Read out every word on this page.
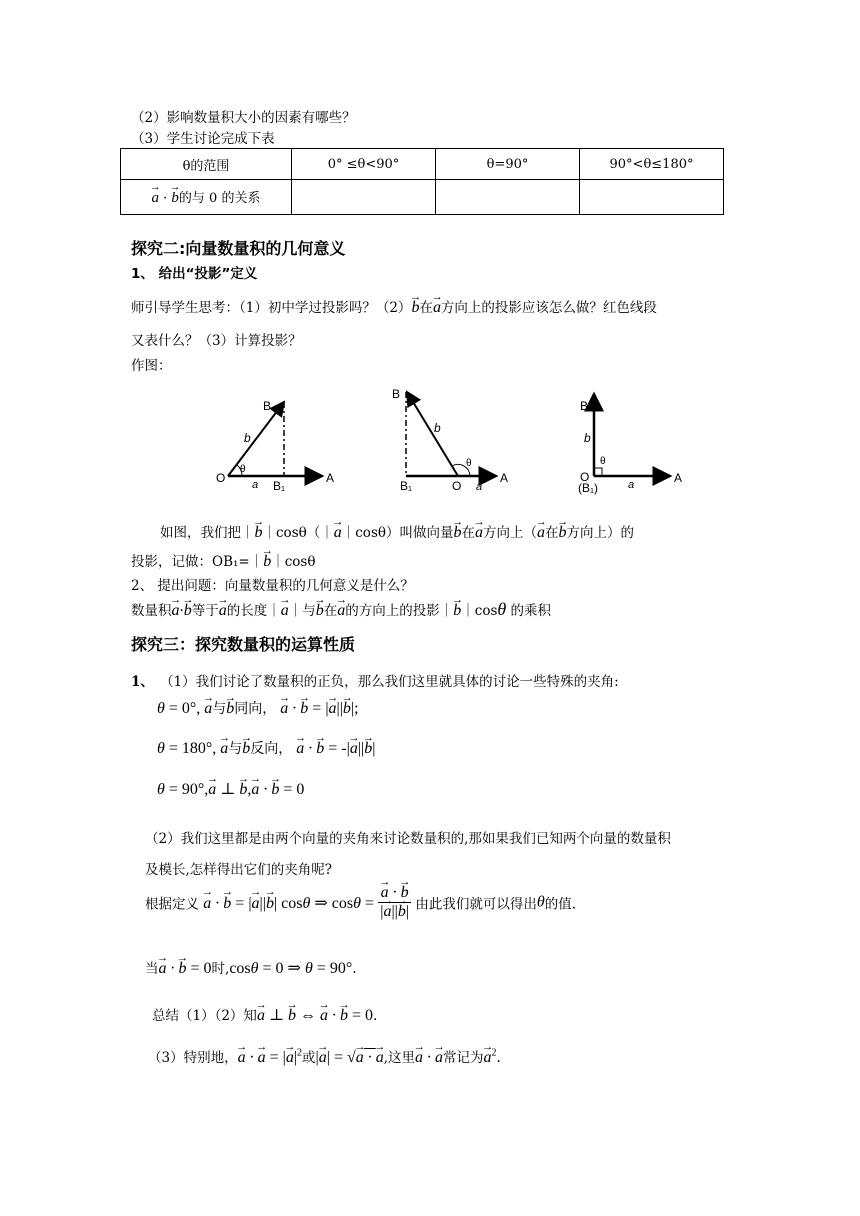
（2）影响数量积大小的因素有哪些？
（3）学生讨论完成下表
θ的范围	0° ≤θ<90°	θ=90°	90°<θ≤180°
→ a · → b的与 0 的关系			
探究二:向量数量积的几何意义
1、 给出“投影”定义
师引导学生思考：（1）初中学过投影吗？（2）→ b在→ a方向上的投影应该怎么做？红色线段
又表什么？（3）计算投影？
作图：
O	A
B
B₁
b
a
θ
B
B₁	O
A
b
a
θ
B
O
(B₁)
A
b
a
θ
如图，我们把｜→ b｜cosθ（｜→ a｜cosθ）叫做向量→ b在→ a方向上（→ a在→ b方向上）的
投影，记做：OB₁=｜→ b｜cosθ
2、 提出问题：向量数量积的几何意义是什么？
数量积→ a·→ b等于→ a的长度｜→ a｜与→ b在→ a的方向上的投影｜→ b｜cosθ 的乘积
探究三：探究数量积的运算性质
1、 （1）我们讨论了数量积的正负，那么我们这里就具体的讨论一些特殊的夹角:
θ = 0°, → a与→ b同向， → a · → b = |→ a||→ b|;
θ = 180°, → a与→ b反向， → a · → b = -|→ a||→ b|
θ = 90°,→ a ⊥ → b,→ a · → b = 0
（2）我们这里都是由两个向量的夹角来讨论数量积的,那如果我们已知两个向量的数量积
及模长,怎样得出它们的夹角呢?
根据定义 → a · → b = |→ a||→ b| cosθ ⇒ cosθ = → $\frac{a \cdot \to b}{|\to a||\to b|}$ 由此我们就可以得出θ的值.
当→ a · → b = 0时,cosθ = 0 ⇒ θ = 90°.
总结（1）（2）知→ a ⊥ → b ⇔ → a · → b = 0.
（3）特别地，→ a · → a = |→ $a|^2$或|→ a| = √→ a · → a,这里→ a · → a常记为→ $a^2$.
